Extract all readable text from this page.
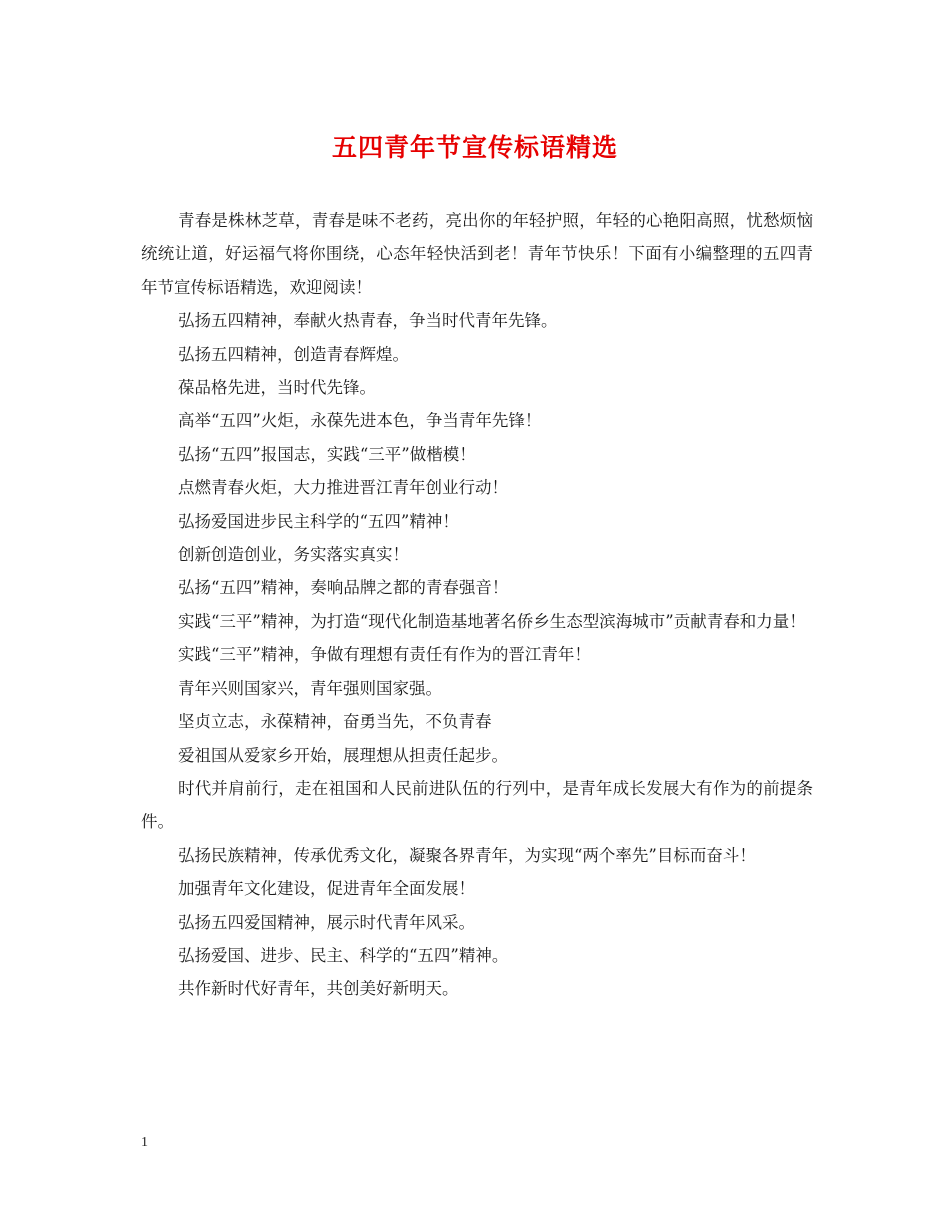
五四青年节宣传标语精选

青春是株林芝草，青春是味不老药，亮出你的年轻护照，年轻的心艳阳高照，忧愁烦恼统统让道，好运福气将你围绕，心态年轻快活到老！青年节快乐！下面有小编整理的五四青年节宣传标语精选，欢迎阅读！

弘扬五四精神，奉献火热青春，争当时代青年先锋。

弘扬五四精神，创造青春辉煌。

葆品格先进，当时代先锋。

高举“五四”火炬，永葆先进本色，争当青年先锋！

弘扬“五四”报国志，实践“三平”做楷模！

点燃青春火炬，大力推进晋江青年创业行动！

弘扬爱国进步民主科学的“五四”精神！

创新创造创业，务实落实真实！

弘扬“五四”精神，奏响品牌之都的青春强音！

实践“三平”精神，为打造“现代化制造基地著名侨乡生态型滨海城市”贡献青春和力量！

实践“三平”精神，争做有理想有责任有作为的晋江青年！

青年兴则国家兴，青年强则国家强。

坚贞立志，永葆精神，奋勇当先，不负青春

爱祖国从爱家乡开始，展理想从担责任起步。

时代并肩前行，走在祖国和人民前进队伍的行列中，是青年成长发展大有作为的前提条件。

弘扬民族精神，传承优秀文化，凝聚各界青年，为实现“两个率先”目标而奋斗！

加强青年文化建设，促进青年全面发展！

弘扬五四爱国精神，展示时代青年风采。

弘扬爱国、进步、民主、科学的“五四”精神。

共作新时代好青年，共创美好新明天。

1
